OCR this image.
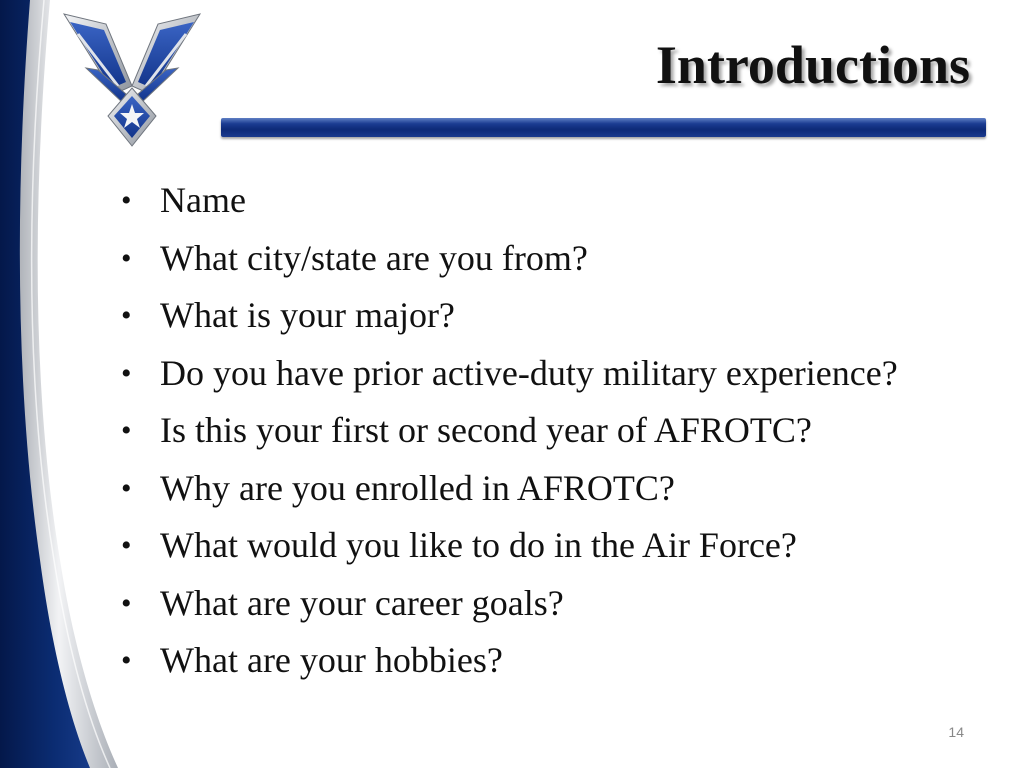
Introductions
• Name
• What city/state are you from?
• What is your major?
• Do you have prior active-duty military experience?
• Is this your first or second year of AFROTC?
• Why are you enrolled in AFROTC?
• What would you like to do in the Air Force?
• What are your career goals?
• What are your hobbies?
14
